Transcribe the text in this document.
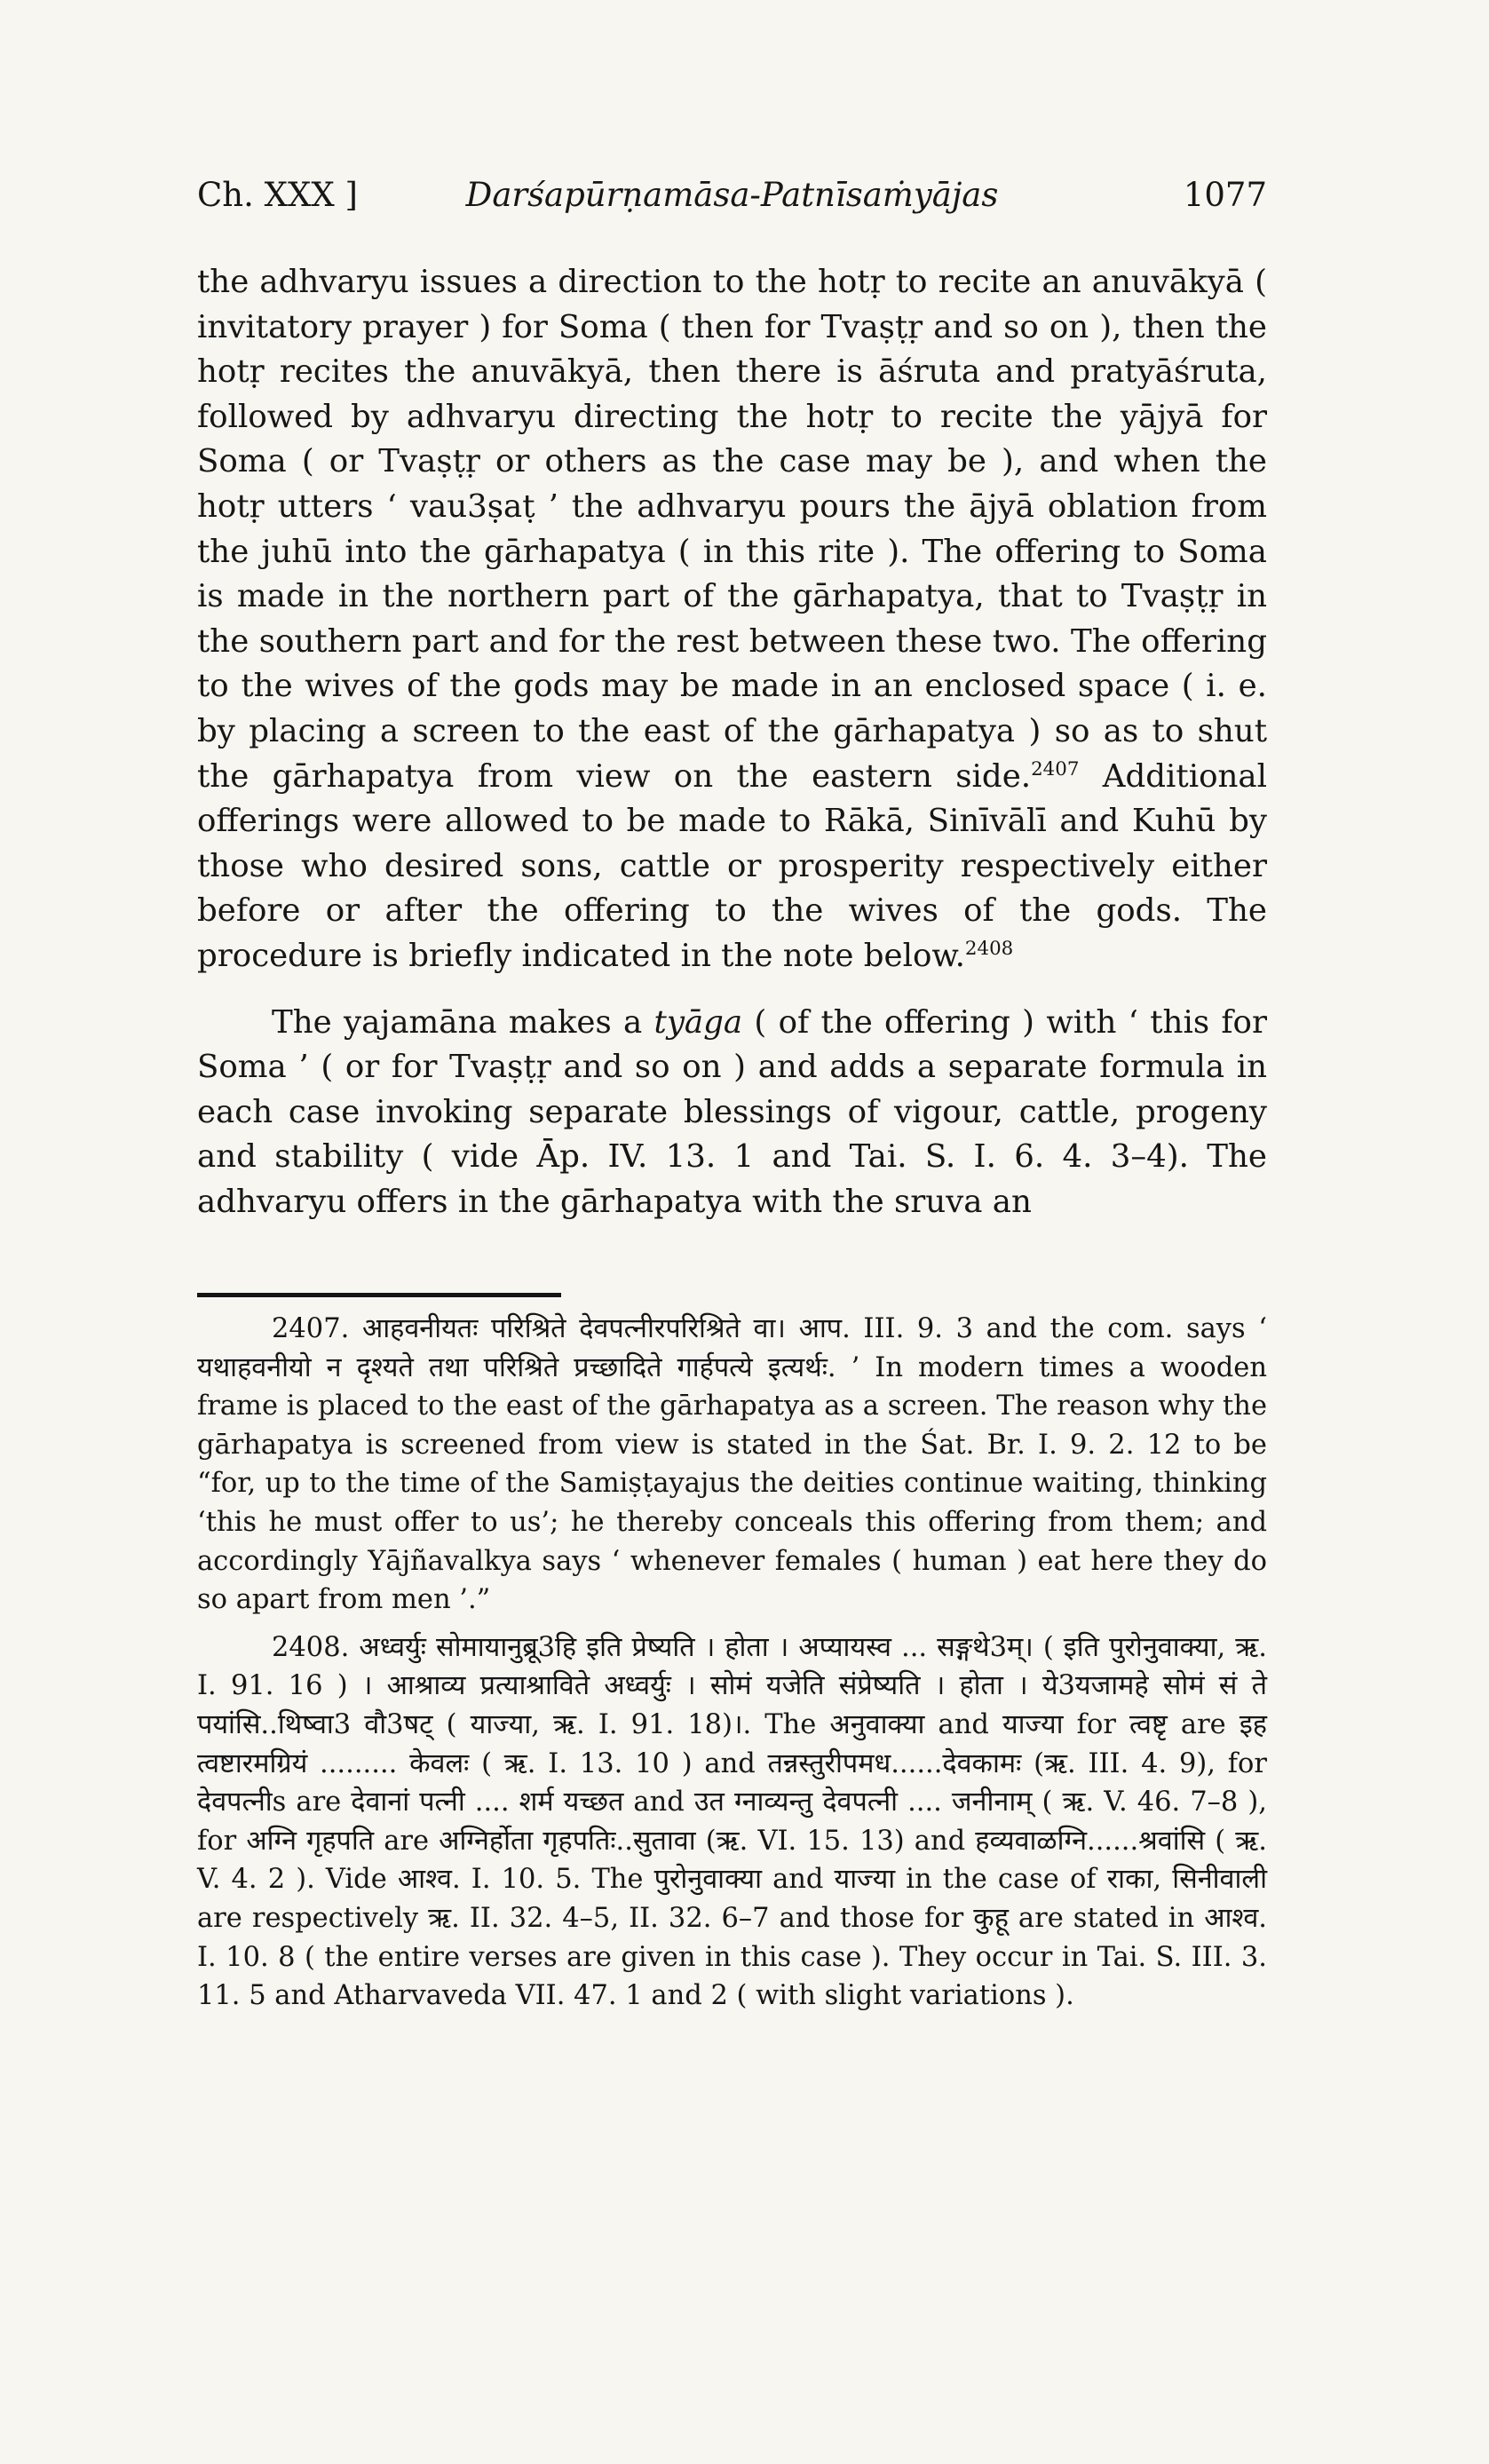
Ch. XXX ]	Darśapūrṇamāsa-Patnīsaṁyājas	1077

the adhvaryu issues a direction to the hotṛ to recite an anuvākyā ( invitatory prayer ) for Soma ( then for Tvaṣṭṛ and so on ), then the hotṛ recites the anuvākyā, then there is āśruta and pratyāśruta, followed by adhvaryu directing the hotṛ to recite the yājyā for Soma ( or Tvaṣṭṛ or others as the case may be ), and when the hotṛ utters ‘ vau3ṣaṭ ’ the adhvaryu pours the ājyā oblation from the juhū into the gārhapatya ( in this rite ). The offering to Soma is made in the northern part of the gārhapatya, that to Tvaṣṭṛ in the southern part and for the rest between these two. The offering to the wives of the gods may be made in an enclosed space ( i. e. by placing a screen to the east of the gārhapatya ) so as to shut the gārhapatya from view on the eastern side.$^{2407}$ Additional offerings were allowed to be made to Rākā, Sinīvālī and Kuhū by those who desired sons, cattle or prosperity respectively either before or after the offering to the wives of the gods. The procedure is briefly indicated in the note below.$^{2408}$

The yajamāna makes a tyāga ( of the offering ) with ‘ this for Soma ’ ( or for Tvaṣṭṛ and so on ) and adds a separate formula in each case invoking separate blessings of vigour, cattle, progeny and stability ( vide Āp. IV. 13. 1 and Tai. S. I. 6. 4. 3–4). The adhvaryu offers in the gārhapatya with the sruva an

2407. आहवनीयतः परिश्रिते देवपत्नीरपरिश्रिते वा। आप. III. 9. 3 and the com. says ‘ यथाहवनीयो न दृश्यते तथा परिश्रिते प्रच्छादिते गार्हपत्ये इत्यर्थः. ’ In modern times a wooden frame is placed to the east of the gārhapatya as a screen. The reason why the gārhapatya is screened from view is stated in the Śat. Br. I. 9. 2. 12 to be “for, up to the time of the Samiṣṭayajus the deities continue waiting, thinking ‘this he must offer to us’; he thereby conceals this offering from them; and accordingly Yājñavalkya says ‘ whenever females ( human ) eat here they do so apart from men ’.”

2408. अध्वर्युः सोमायानुब्रू3हि इति प्रेष्यति । होता । अप्यायस्व ... सङ्गथे3म्। ( इति पुरोनुवाक्या, ऋ. I. 91. 16 ) । आश्राव्य प्रत्याश्राविते अध्वर्युः । सोमं यजेति संप्रेष्यति । होता । ये3यजामहे सोमं सं ते पयांसि..थिष्वा3 वौ3षट् ( याज्या, ऋ. I. 91. 18)।. The अनुवाक्या and याज्या for त्वष्टृ are इह त्वष्टारमग्रियं ......... केवलः ( ऋ. I. 13. 10 ) and तन्नस्तुरीपमध......देवकामः (ऋ. III. 4. 9), for देवपत्नीs are देवानां पत्नी .... शर्म यच्छत and उत ग्नाव्यन्तु देवपत्नी .... जनीनाम् ( ऋ. V. 46. 7–8 ), for अग्नि गृहपति are अग्निर्होता गृहपतिः..सुतावा (ऋ. VI. 15. 13) and हव्यवाळग्नि......श्रवांसि ( ऋ. V. 4. 2 ). Vide आश्व. I. 10. 5. The पुरोनुवाक्या and याज्या in the case of राका, सिनीवाली are respectively ऋ. II. 32. 4–5, II. 32. 6–7 and those for कुहू are stated in आश्व. I. 10. 8 ( the entire verses are given in this case ). They occur in Tai. S. III. 3. 11. 5 and Atharvaveda VII. 47. 1 and 2 ( with slight variations ).
